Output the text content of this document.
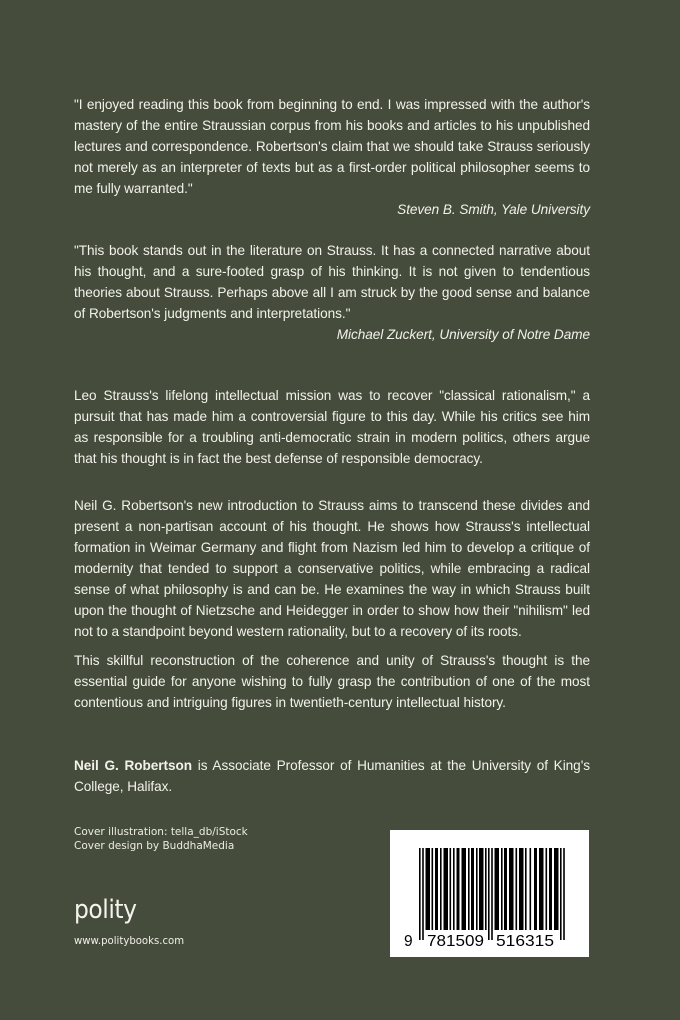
"I enjoyed reading this book from beginning to end. I was impressed with the author's mastery of the entire Straussian corpus from his books and articles to his unpublished lectures and correspondence. Robertson's claim that we should take Strauss seriously not merely as an interpreter of texts but as a first-order political philosopher seems to me fully warranted."

Steven B. Smith, Yale University

"This book stands out in the literature on Strauss. It has a connected narrative about his thought, and a sure-footed grasp of his thinking. It is not given to tendentious theories about Strauss. Perhaps above all I am struck by the good sense and balance of Robertson's judgments and interpretations."

Michael Zuckert, University of Notre Dame

Leo Strauss's lifelong intellectual mission was to recover "classical rationalism," a pursuit that has made him a controversial figure to this day. While his critics see him as responsible for a troubling anti-democratic strain in modern politics, others argue that his thought is in fact the best defense of responsible democracy.

Neil G. Robertson's new introduction to Strauss aims to transcend these divides and present a non-partisan account of his thought. He shows how Strauss's intellectual formation in Weimar Germany and flight from Nazism led him to develop a critique of modernity that tended to support a conservative politics, while embracing a radical sense of what philosophy is and can be. He examines the way in which Strauss built upon the thought of Nietzsche and Heidegger in order to show how their "nihilism" led not to a standpoint beyond western rationality, but to a recovery of its roots.

This skillful reconstruction of the coherence and unity of Strauss's thought is the essential guide for anyone wishing to fully grasp the contribution of one of the most contentious and intriguing figures in twentieth-century intellectual history.

Neil G. Robertson is Associate Professor of Humanities at the University of King's College, Halifax.

Cover illustration: tella_db/iStock
Cover design by BuddhaMedia
polity
www.politybooks.com	9 781509 516315
